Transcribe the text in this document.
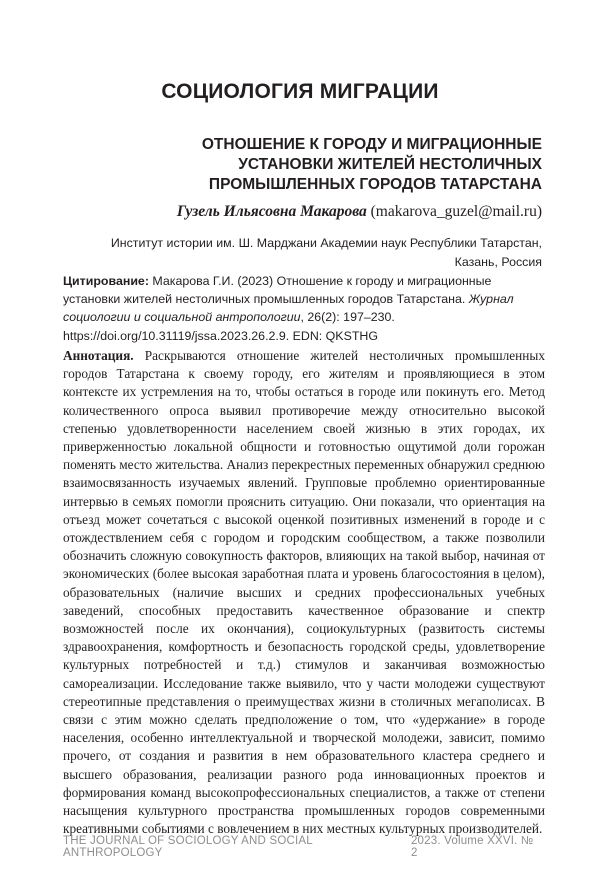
СОЦИОЛОГИЯ МИГРАЦИИ
ОТНОШЕНИЕ К ГОРОДУ И МИГРАЦИОННЫЕ УСТАНОВКИ ЖИТЕЛЕЙ НЕСТОЛИЧНЫХ ПРОМЫШЛЕННЫХ ГОРОДОВ ТАТАРСТАНА
Гузель Ильясовна Макарова (makarova_guzel@mail.ru)
Институт истории им. Ш. Марджани Академии наук Республики Татарстан, Казань, Россия
Цитирование: Макарова Г.И. (2023) Отношение к городу и миграционные установки жителей нестоличных промышленных городов Татарстана. Журнал социологии и социальной антропологии, 26(2): 197–230. https://doi.org/10.31119/jssa.2023.26.2.9. EDN: QKSTHG
Аннотация. Раскрываются отношение жителей нестоличных промышленных городов Татарстана к своему городу, его жителям и проявляющиеся в этом контексте их устремления на то, чтобы остаться в городе или покинуть его. Метод количественного опроса выявил противоречие между относительно высокой степенью удовлетворенности населением своей жизнью в этих городах, их приверженностью локальной общности и готовностью ощутимой доли горожан поменять место жительства. Анализ перекрестных переменных обнаружил среднюю взаимосвязанность изучаемых явлений. Групповые проблемно ориентированные интервью в семьях помогли прояснить ситуацию. Они показали, что ориентация на отъезд может сочетаться с высокой оценкой позитивных изменений в городе и с отождествлением себя с городом и городским сообществом, а также позволили обозначить сложную совокупность факторов, влияющих на такой выбор, начиная от экономических (более высокая заработная плата и уровень благосостояния в целом), образовательных (наличие высших и средних профессиональных учебных заведений, способных предоставить качественное образование и спектр возможностей после их окончания), социокультурных (развитость системы здравоохранения, комфортность и безопасность городской среды, удовлетворение культурных потребностей и т.д.) стимулов и заканчивая возможностью самореализации. Исследование также выявило, что у части молодежи существуют стереотипные представления о преимуществах жизни в столичных мегаполисах. В связи с этим можно сделать предположение о том, что «удержание» в городе населения, особенно интеллектуальной и творческой молодежи, зависит, помимо прочего, от создания и развития в нем образовательного кластера среднего и высшего образования, реализации разного рода инновационных проектов и формирования команд высокопрофессиональных специалистов, а также от степени насыщения культурного пространства промышленных городов современными креативными событиями с вовлечением в них местных культурных производителей.
THE JOURNAL OF SOCIOLOGY AND SOCIAL ANTHROPOLOGY
2023. Volume XXVI. № 2
